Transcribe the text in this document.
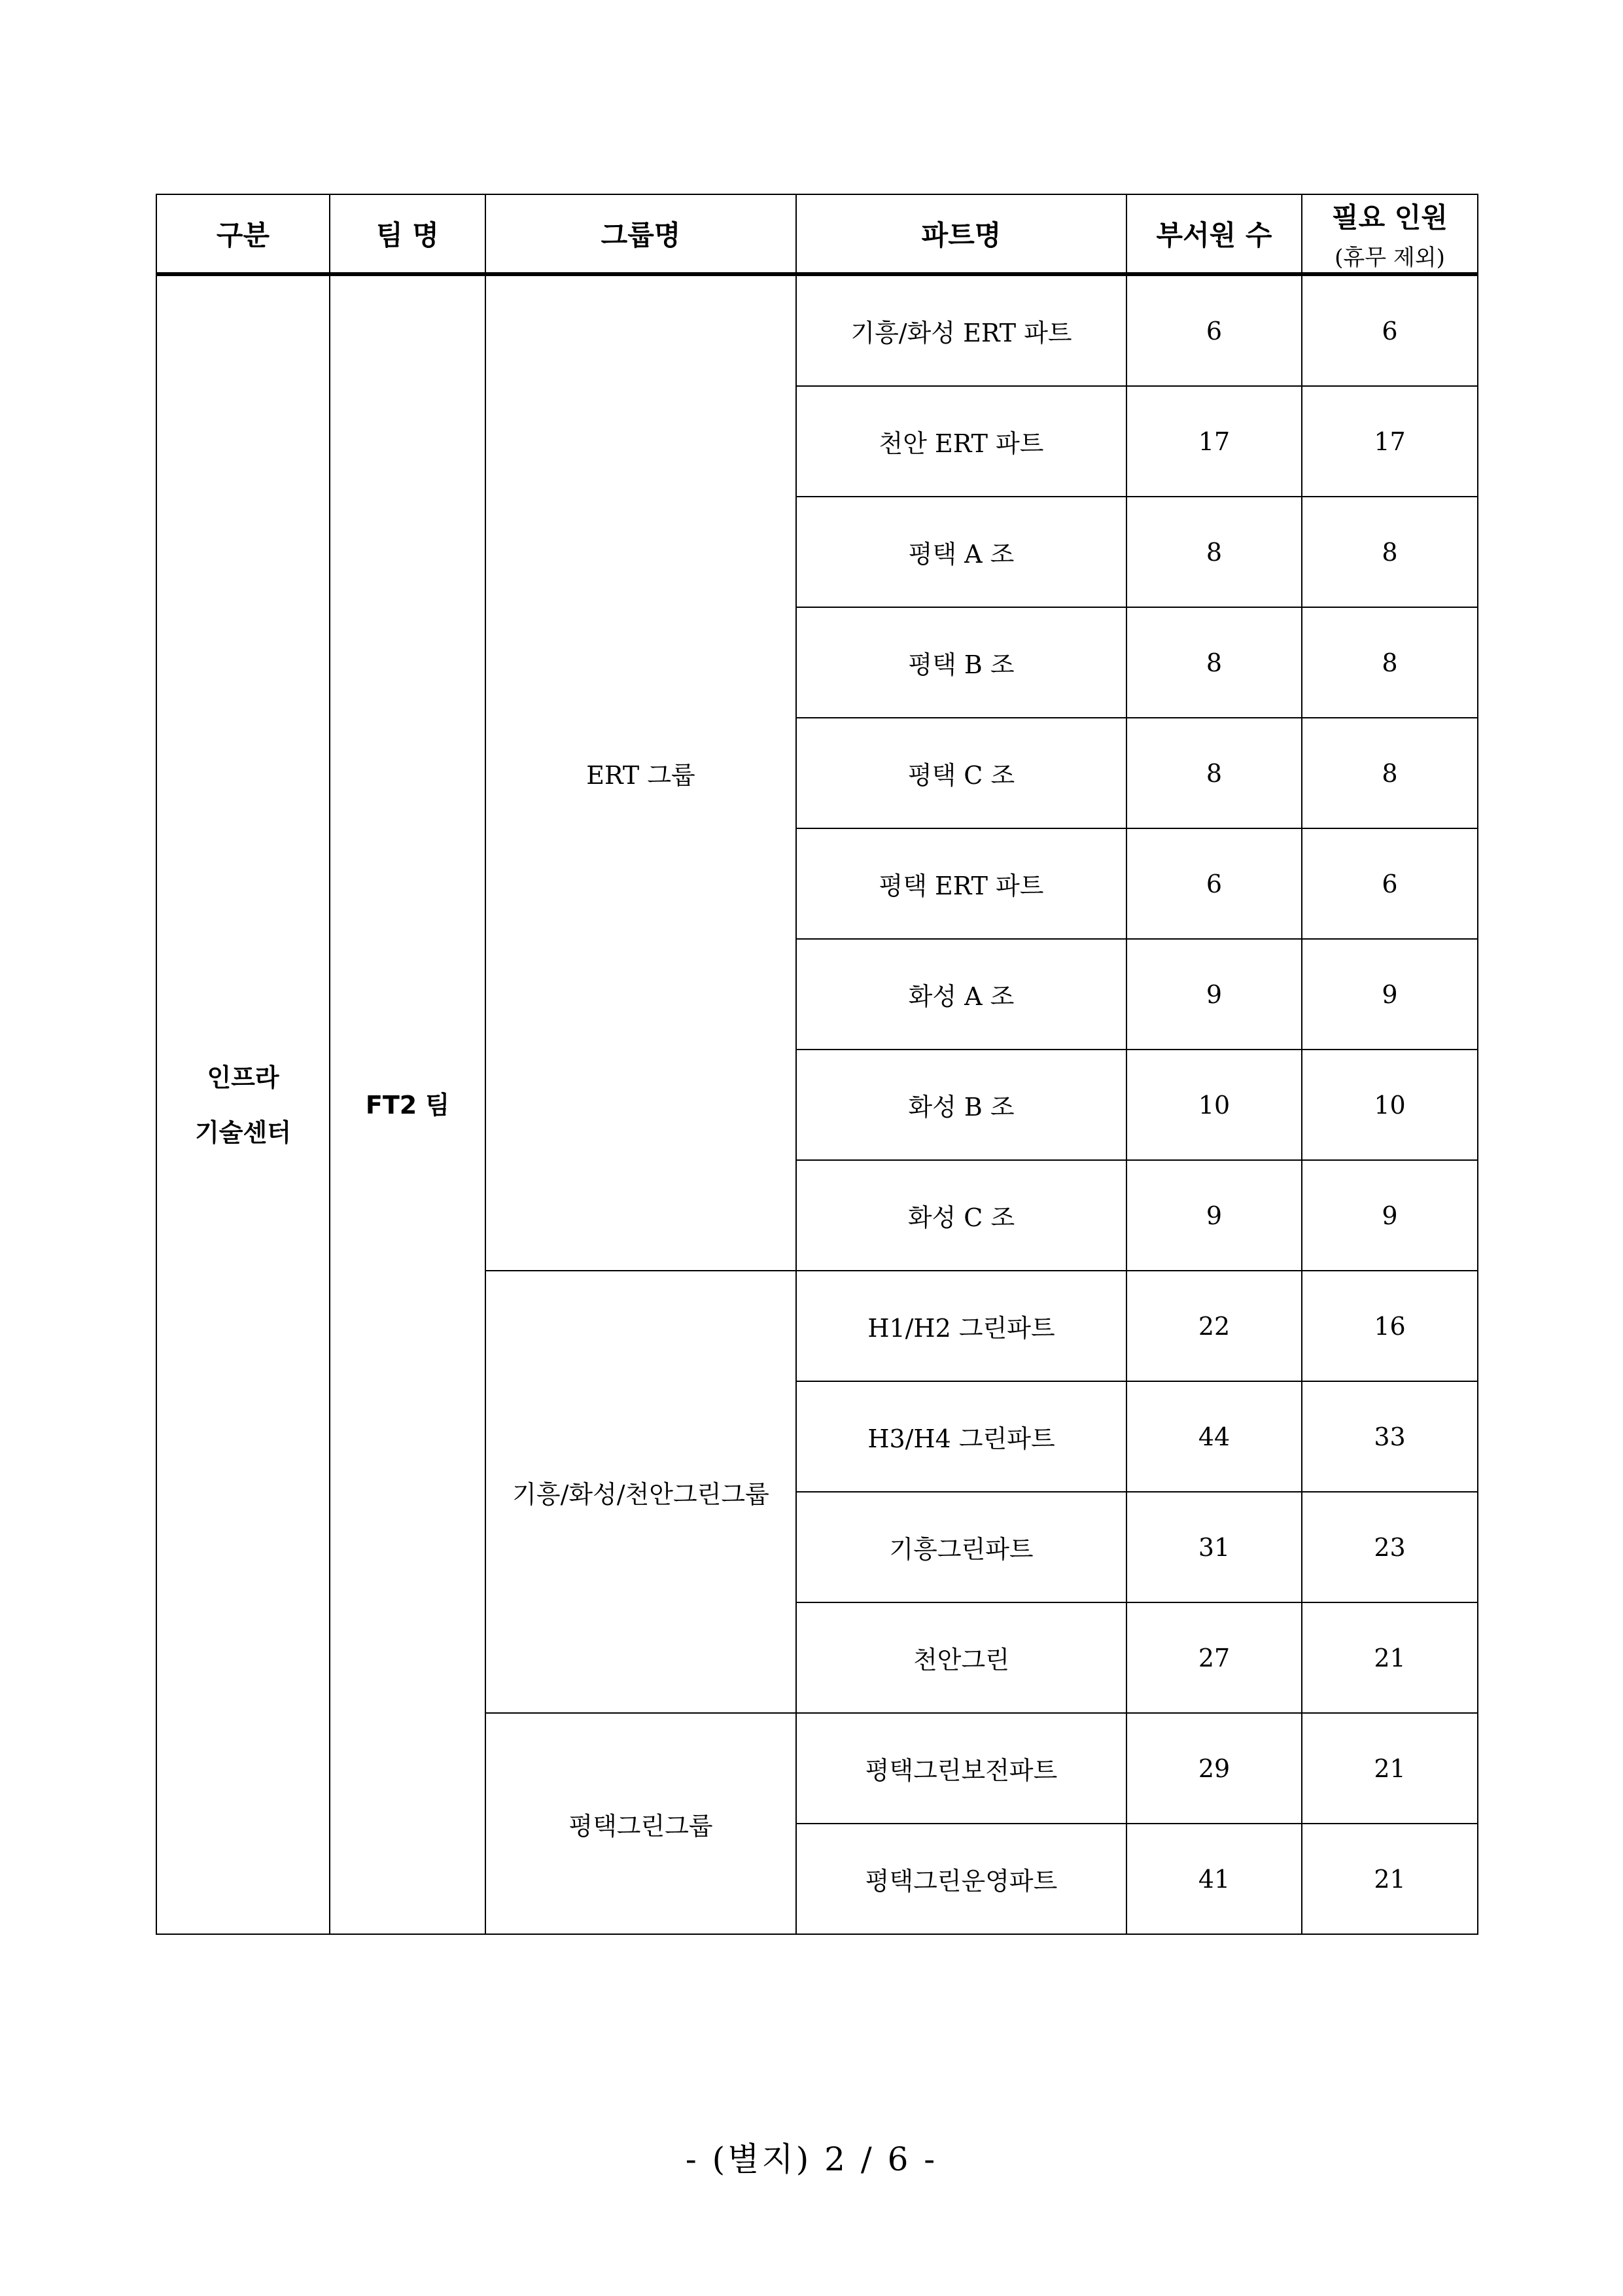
구분	팀 명	그룹명	파트명	부서원 수	필요 인원
(휴무 제외)

인프라
기술센터	FT2 팀	ERT 그룹	기흥/화성 ERT 파트	6	6
			천안 ERT 파트	17	17
			평택 A 조	8	8
			평택 B 조	8	8
			평택 C 조	8	8
			평택 ERT 파트	6	6
			화성 A 조	9	9
			화성 B 조	10	10
			화성 C 조	9	9
		기흥/화성/천안그린그룹	H1/H2 그린파트	22	16
			H3/H4 그린파트	44	33
			기흥그린파트	31	23
			천안그린	27	21
		평택그린그룹	평택그린보전파트	29	21
			평택그린운영파트	41	21
- (별지) 2 / 6 -
